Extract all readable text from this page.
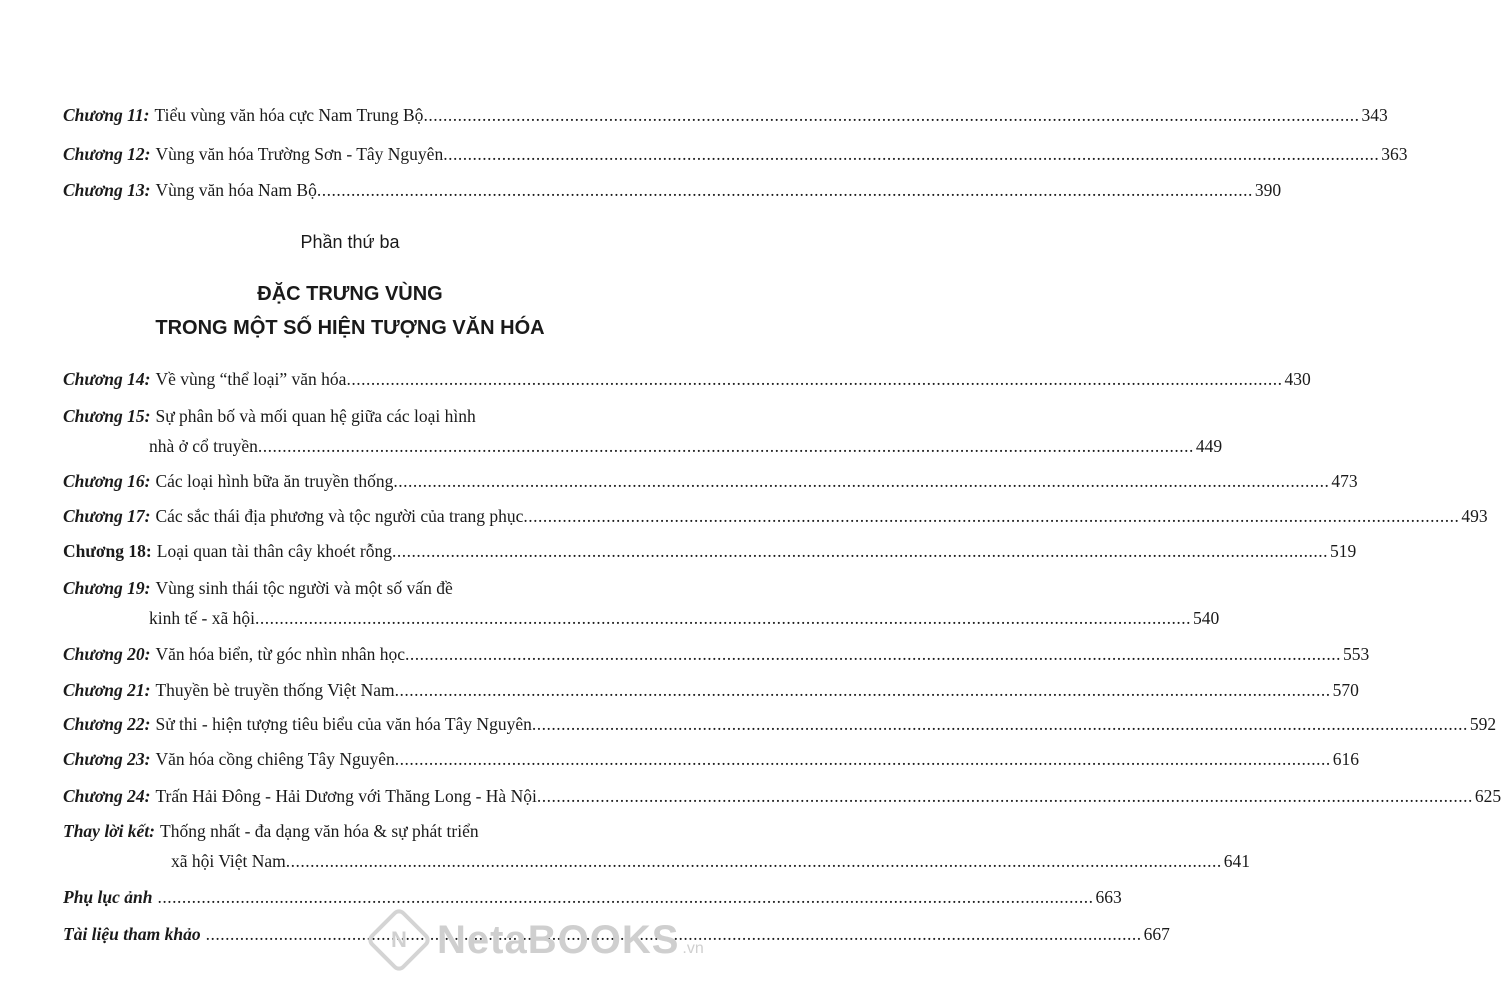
Chương 11: Tiểu vùng văn hóa cực Nam Trung Bộ .....	343
Chương 12: Vùng văn hóa Trường Sơn - Tây Nguyên .....	363
Chương 13: Vùng văn hóa Nam Bộ .....	390
Phần thứ ba
ĐẶC TRƯNG VÙNG
TRONG MỘT SỐ HIỆN TƯỢNG VĂN HÓA
Chương 14: Về vùng “thể loại” văn hóa .....	430
Chương 15: Sự phân bố và mối quan hệ giữa các loại hình
nhà ở cổ truyền .....	449
Chương 16: Các loại hình bữa ăn truyền thống .....	473
Chương 17: Các sắc thái địa phương và tộc người của trang phục .....	493
Chương 18: Loại quan tài thân cây khoét rỗng .....	519
Chương 19: Vùng sinh thái tộc người và một số vấn đề
kinh tế - xã hội .....	540
Chương 20: Văn hóa biển, từ góc nhìn nhân học .....	553
Chương 21: Thuyền bè truyền thống Việt Nam .....	570
Chương 22: Sử thi - hiện tượng tiêu biểu của văn hóa Tây Nguyên .....	592
Chương 23: Văn hóa cồng chiêng Tây Nguyên .....	616
Chương 24: Trấn Hải Đông - Hải Dương với Thăng Long - Hà Nội .....	625
Thay lời kết: Thống nhất - đa dạng văn hóa & sự phát triển
xã hội Việt Nam .....	641
Phụ lục ảnh .....	663
Tài liệu tham khảo .....	667
N NetaBOOKS .vn
